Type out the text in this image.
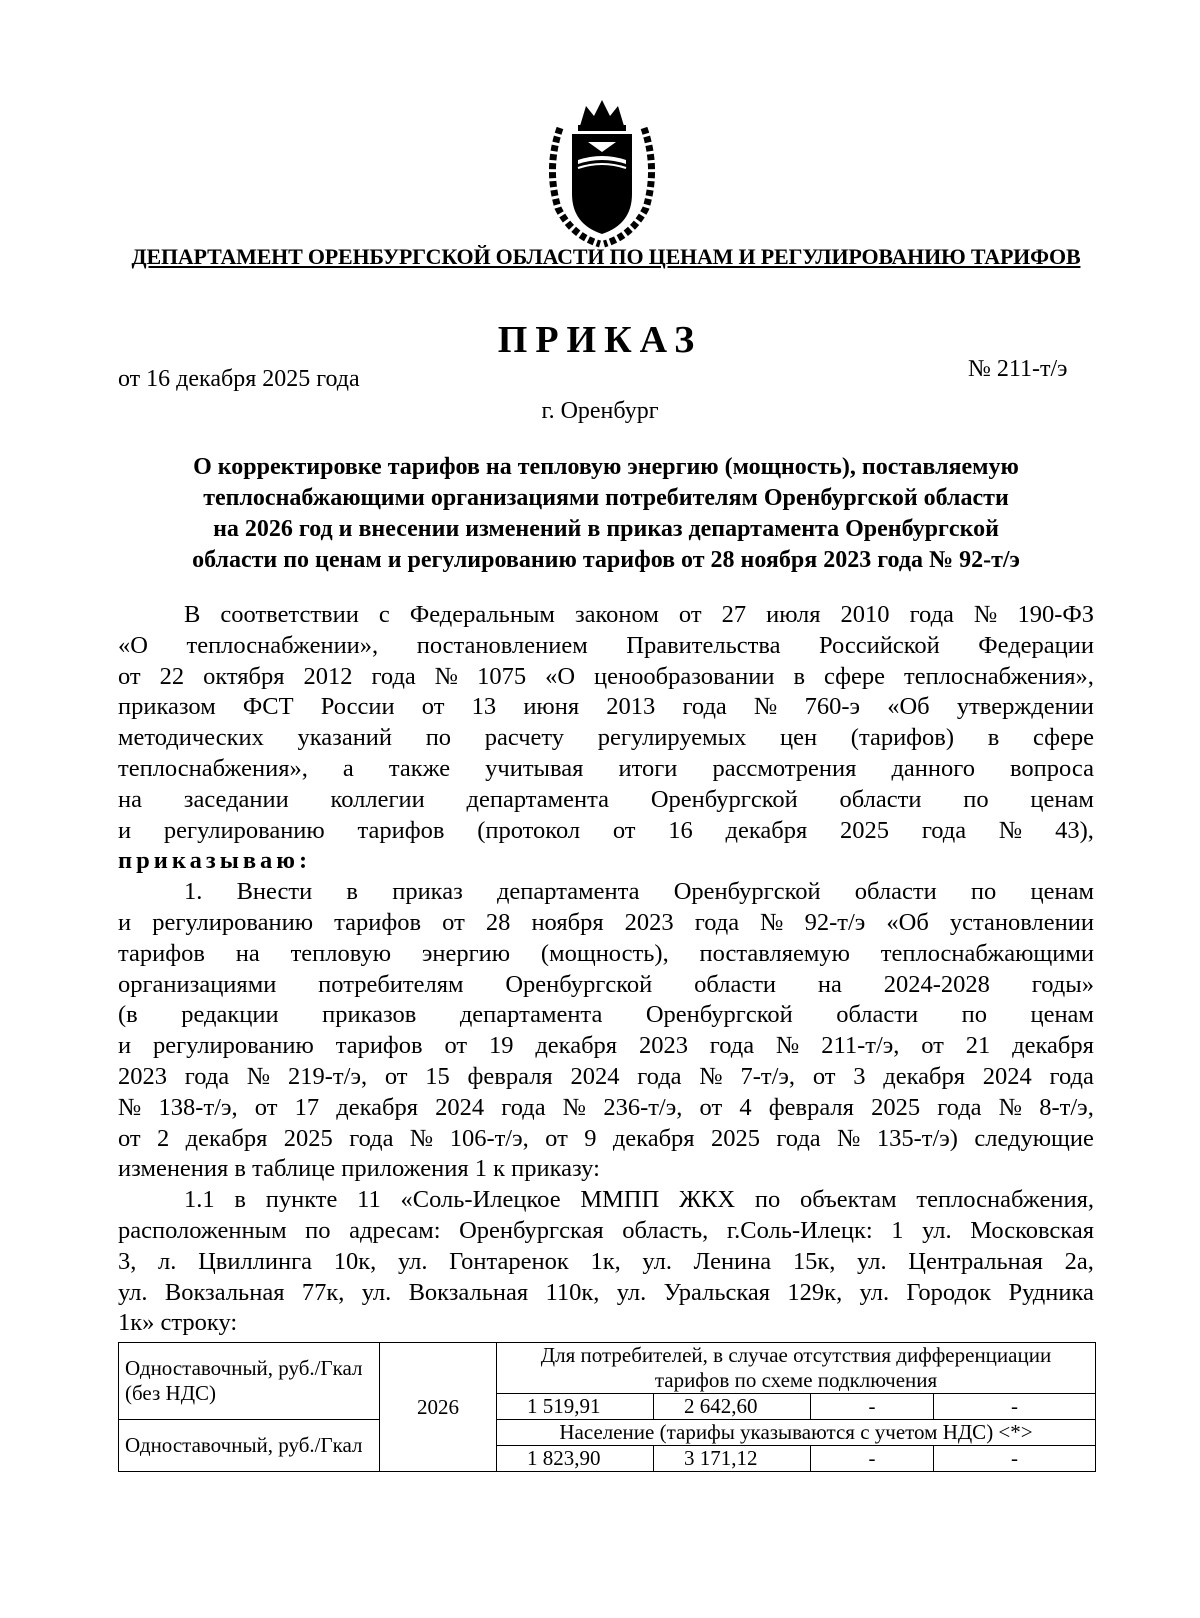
ДЕПАРТАМЕНТ ОРЕНБУРГСКОЙ ОБЛАСТИ ПО ЦЕНАМ И РЕГУЛИРОВАНИЮ ТАРИФОВ
ПРИКАЗ
от 16 декабря 2025 года	№ 211-т/э
г. Оренбург
О корректировке тарифов на тепловую энергию (мощность), поставляемую
теплоснабжающими организациями потребителям Оренбургской области
на 2026 год и внесении изменений в приказ департамента Оренбургской
области по ценам и регулированию тарифов от 28 ноября 2023 года № 92-т/э
В соответствии с Федеральным законом от 27 июля 2010 года № 190-ФЗ
«О теплоснабжении», постановлением Правительства Российской Федерации
от 22 октября 2012 года № 1075 «О ценообразовании в сфере теплоснабжения»,
приказом ФСТ России от 13 июня 2013 года № 760-э «Об утверждении
методических указаний по расчету регулируемых цен (тарифов) в сфере
теплоснабжения», а также учитывая итоги рассмотрения данного вопроса
на заседании коллегии департамента Оренбургской области по ценам
и регулированию тарифов (протокол от 16 декабря 2025 года № 43),
приказываю:
1. Внести в приказ департамента Оренбургской области по ценам
и регулированию тарифов от 28 ноября 2023 года № 92-т/э «Об установлении
тарифов на тепловую энергию (мощность), поставляемую теплоснабжающими
организациями потребителям Оренбургской области на 2024-2028 годы»
(в редакции приказов департамента Оренбургской области по ценам
и регулированию тарифов от 19 декабря 2023 года № 211-т/э, от 21 декабря
2023 года № 219-т/э, от 15 февраля 2024 года № 7-т/э, от 3 декабря 2024 года
№ 138-т/э, от 17 декабря 2024 года № 236-т/э, от 4 февраля 2025 года № 8-т/э,
от 2 декабря 2025 года № 106-т/э, от 9 декабря 2025 года № 135-т/э) следующие
изменения в таблице приложения 1 к приказу:
1.1 в пункте 11 «Соль-Илецкое ММПП ЖКХ по объектам теплоснабжения,
расположенным по адресам: Оренбургская область, г.Соль-Илецк: 1 ул. Московская
3, л. Цвиллинга 10к, ул. Гонтаренок 1к, ул. Ленина 15к, ул. Центральная 2а,
ул. Вокзальная 77к, ул. Вокзальная 110к, ул. Уральская 129к, ул. Городок Рудника
1к» строку:
Одноставочный, руб./Гкал (без НДС)	2026	Для потребителей, в случае отсутствия дифференциации тарифов по схеме подключения			
		1 519,91	2 642,60	-	-
Одноставочный, руб./Гкал		Население (тарифы указываются с учетом НДС) <*>			
		1 823,90	3 171,12	-	-
